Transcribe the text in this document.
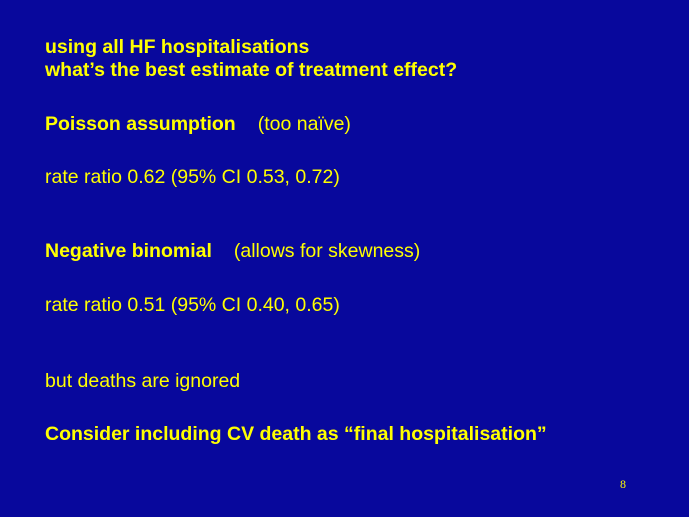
using all HF hospitalisations
what’s the best estimate of treatment effect?
Poisson assumption (too naïve)
rate ratio 0.62 (95% CI 0.53, 0.72)
Negative binomial (allows for skewness)
rate ratio 0.51 (95% CI 0.40, 0.65)
but deaths are ignored
Consider including CV death as “final hospitalisation”
8
